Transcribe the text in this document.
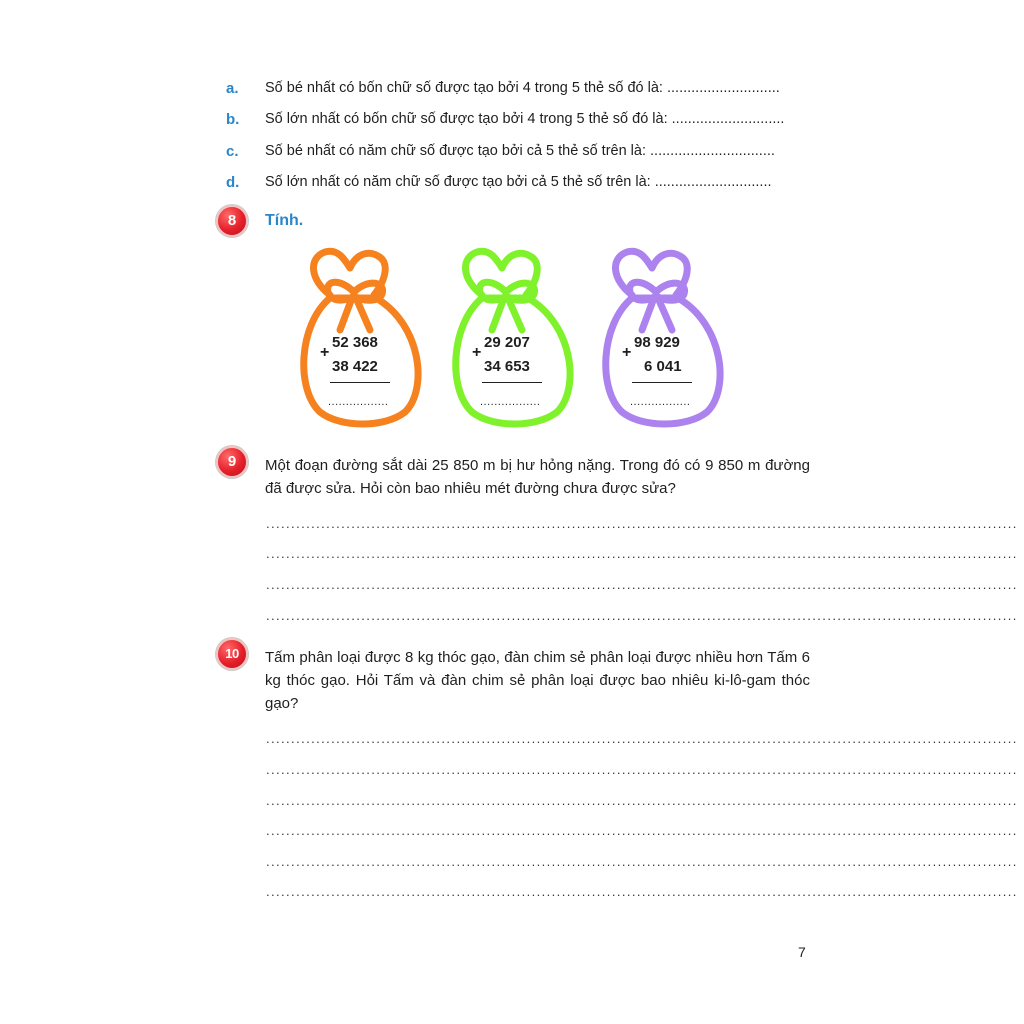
a. Số bé nhất có bốn chữ số được tạo bởi 4 trong 5 thẻ số đó là: ............................
b. Số lớn nhất có bốn chữ số được tạo bởi 4 trong 5 thẻ số đó là: ............................
c. Số bé nhất có năm chữ số được tạo bởi cả 5 thẻ số trên là: ...............................
d. Số lớn nhất có năm chữ số được tạo bởi cả 5 thẻ số trên là: .............................
8	Tính.
+
52 368
38 422
.................
+
29 207
34 653
.................
+
98 929
6 041
.................
9	Một đoạn đường sắt dài 25 850 m bị hư hỏng nặng. Trong đó có 9 850 m đường đã được sửa. Hỏi còn bao nhiêu mét đường chưa được sửa?
......................................................................................................................................................
......................................................................................................................................................
......................................................................................................................................................
......................................................................................................................................................
10	Tấm phân loại được 8 kg thóc gạo, đàn chim sẻ phân loại được nhiều hơn Tấm 6 kg thóc gạo. Hỏi Tấm và đàn chim sẻ phân loại được bao nhiêu ki-lô-gam thóc gạo?
......................................................................................................................................................
......................................................................................................................................................
......................................................................................................................................................
......................................................................................................................................................
......................................................................................................................................................
......................................................................................................................................................
7
